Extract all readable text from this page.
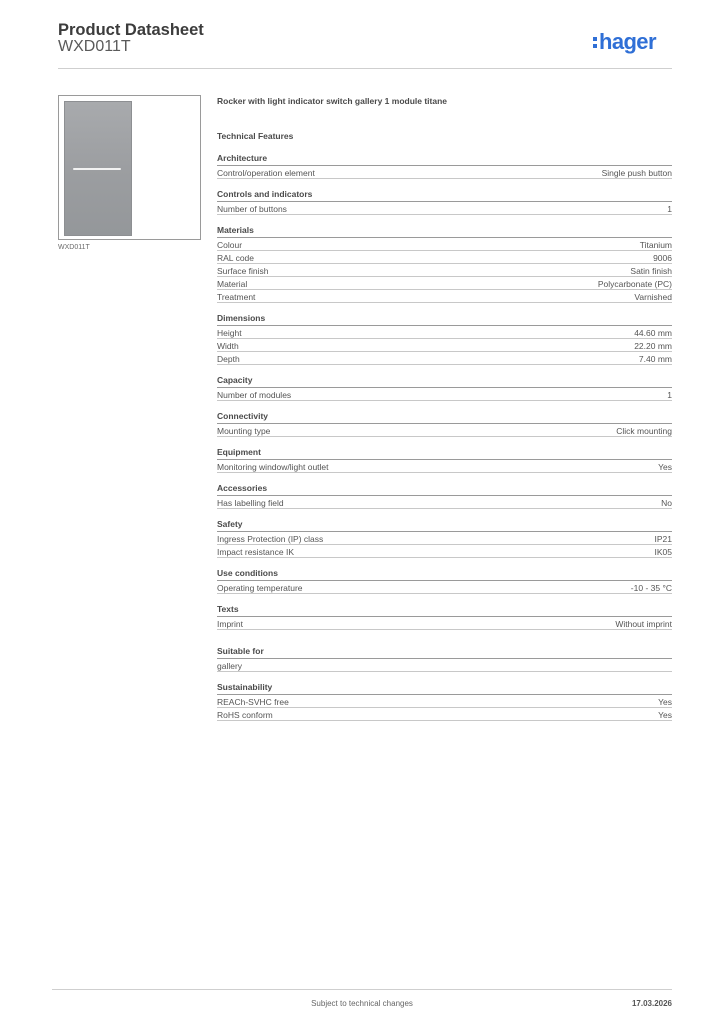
Product Datasheet
WXD011T	hager
WXD011T
Rocker with light indicator switch gallery 1 module titane
Technical Features
Architecture
Control/operation element	Single push button
Controls and indicators
Number of buttons	1
Materials
Colour	Titanium
RAL code	9006
Surface finish	Satin finish
Material	Polycarbonate (PC)
Treatment	Varnished
Dimensions
Height	44.60 mm
Width	22.20 mm
Depth	7.40 mm
Capacity
Number of modules	1
Connectivity
Mounting type	Click mounting
Equipment
Monitoring window/light outlet	Yes
Accessories
Has labelling field	No
Safety
Ingress Protection (IP) class	IP21
Impact resistance IK	IK05
Use conditions
Operating temperature	-10 - 35 °C
Texts
Imprint	Without imprint
Suitable for
gallery
Sustainability
REACh-SVHC free	Yes
RoHS conform	Yes
Subject to technical changes	17.03.2026
